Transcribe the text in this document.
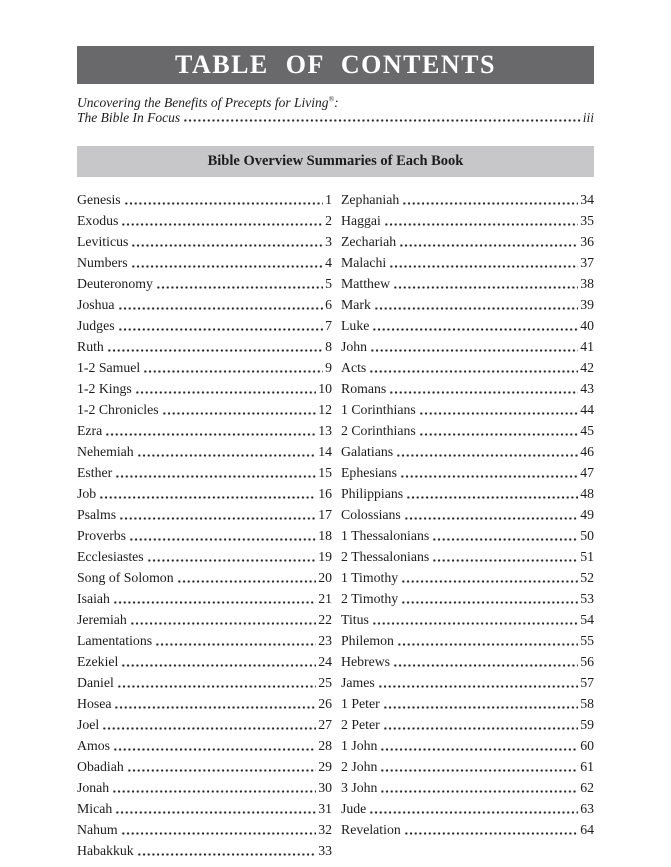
TABLE OF CONTENTS
Uncovering the Benefits of Precepts for Living®:
The Bible In Focus	iii
Bible Overview Summaries of Each Book
Genesis	1
Exodus	2
Leviticus	3
Numbers	4
Deuteronomy	5
Joshua	6
Judges	7
Ruth	8
1-2 Samuel	9
1-2 Kings	10
1-2 Chronicles	12
Ezra	13
Nehemiah	14
Esther	15
Job	16
Psalms	17
Proverbs	18
Ecclesiastes	19
Song of Solomon	20
Isaiah	21
Jeremiah	22
Lamentations	23
Ezekiel	24
Daniel	25
Hosea	26
Joel	27
Amos	28
Obadiah	29
Jonah	30
Micah	31
Nahum	32
Habakkuk	33
Zephaniah	34
Haggai	35
Zechariah	36
Malachi	37
Matthew	38
Mark	39
Luke	40
John	41
Acts	42
Romans	43
1 Corinthians	44
2 Corinthians	45
Galatians	46
Ephesians	47
Philippians	48
Colossians	49
1 Thessalonians	50
2 Thessalonians	51
1 Timothy	52
2 Timothy	53
Titus	54
Philemon	55
Hebrews	56
James	57
1 Peter	58
2 Peter	59
1 John	60
2 John	61
3 John	62
Jude	63
Revelation	64
